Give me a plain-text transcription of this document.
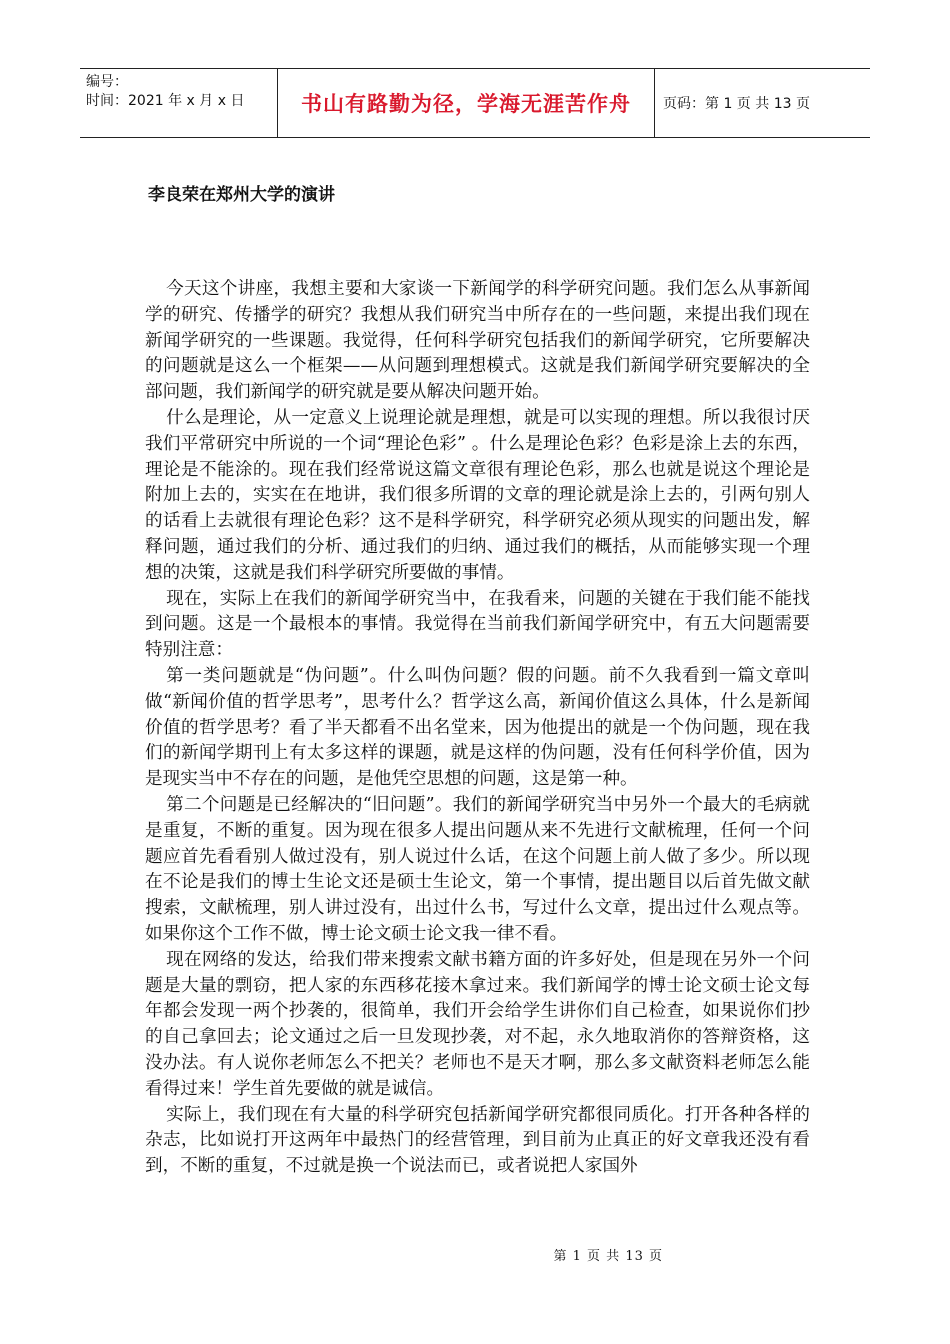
编号：
时间：2021 年 x 月 x 日	书山有路勤为径，学海无涯苦作舟	页码：第 1 页 共 13 页
李良荣在郑州大学的演讲

今天这个讲座，我想主要和大家谈一下新闻学的科学研究问题。我们怎么从事新闻学的研究、传播学的研究？我想从我们研究当中所存在的一些问题，来提出我们现在新闻学研究的一些课题。我觉得，任何科学研究包括我们的新闻学研究，它所要解决的问题就是这么一个框架——从问题到理想模式。这就是我们新闻学研究要解决的全部问题，我们新闻学的研究就是要从解决问题开始。

什么是理论，从一定意义上说理论就是理想，就是可以实现的理想。所以我很讨厌我们平常研究中所说的一个词“理论色彩” 。什么是理论色彩？色彩是涂上去的东西，理论是不能涂的。现在我们经常说这篇文章很有理论色彩，那么也就是说这个理论是附加上去的，实实在在地讲，我们很多所谓的文章的理论就是涂上去的，引两句别人的话看上去就很有理论色彩？这不是科学研究，科学研究必须从现实的问题出发，解释问题，通过我们的分析、通过我们的归纳、通过我们的概括，从而能够实现一个理想的决策，这就是我们科学研究所要做的事情。

现在，实际上在我们的新闻学研究当中，在我看来，问题的关键在于我们能不能找到问题。这是一个最根本的事情。我觉得在当前我们新闻学研究中，有五大问题需要特别注意：

第一类问题就是“伪问题”。什么叫伪问题？假的问题。前不久我看到一篇文章叫做“新闻价值的哲学思考”，思考什么？哲学这么高，新闻价值这么具体，什么是新闻价值的哲学思考？看了半天都看不出名堂来，因为他提出的就是一个伪问题，现在我们的新闻学期刊上有太多这样的课题，就是这样的伪问题，没有任何科学价值，因为是现实当中不存在的问题，是他凭空思想的问题，这是第一种。

第二个问题是已经解决的“旧问题”。我们的新闻学研究当中另外一个最大的毛病就是重复，不断的重复。因为现在很多人提出问题从来不先进行文献梳理，任何一个问题应首先看看别人做过没有，别人说过什么话，在这个问题上前人做了多少。所以现在不论是我们的博士生论文还是硕士生论文，第一个事情，提出题目以后首先做文献搜索，文献梳理，别人讲过没有，出过什么书，写过什么文章，提出过什么观点等。如果你这个工作不做，博士论文硕士论文我一律不看。

现在网络的发达，给我们带来搜索文献书籍方面的许多好处，但是现在另外一个问题是大量的剽窃，把人家的东西移花接木拿过来。我们新闻学的博士论文硕士论文每年都会发现一两个抄袭的，很简单，我们开会给学生讲你们自己检查，如果说你们抄的自己拿回去；论文通过之后一旦发现抄袭，对不起，永久地取消你的答辩资格，这没办法。有人说你老师怎么不把关？老师也不是天才啊，那么多文献资料老师怎么能看得过来！学生首先要做的就是诚信。

实际上，我们现在有大量的科学研究包括新闻学研究都很同质化。打开各种各样的杂志，比如说打开这两年中最热门的经营管理，到目前为止真正的好文章我还没有看到，不断的重复，不过就是换一个说法而已，或者说把人家国外

第 1 页 共 13 页
